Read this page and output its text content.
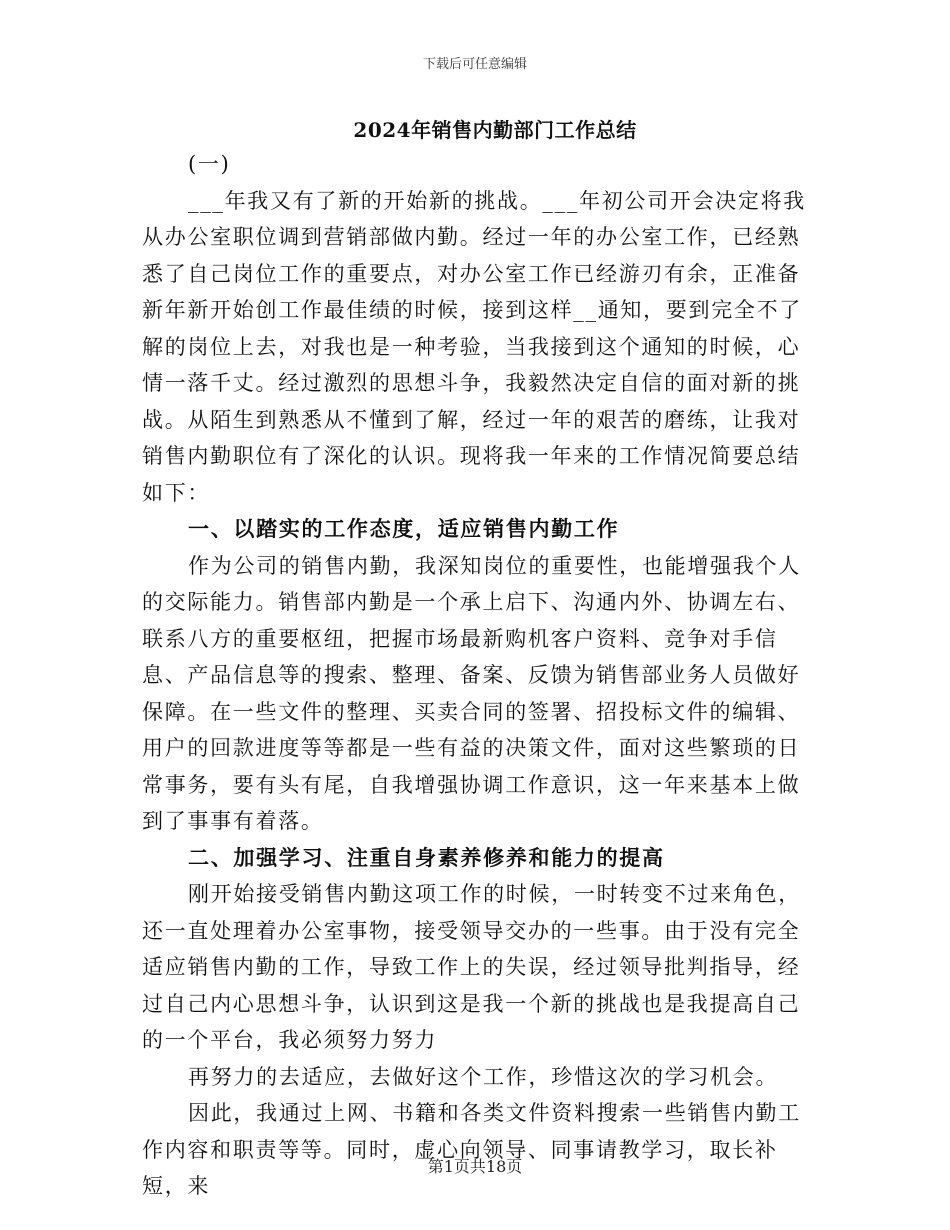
下载后可任意编辑
2024年销售内勤部门工作总结

(一)

___年我又有了新的开始新的挑战。___年初公司开会决定将我从办公室职位调到营销部做内勤。经过一年的办公室工作，已经熟悉了自己岗位工作的重要点，对办公室工作已经游刃有余，正准备新年新开始创工作最佳绩的时候，接到这样__通知，要到完全不了解的岗位上去，对我也是一种考验，当我接到这个通知的时候，心情一落千丈。经过激烈的思想斗争，我毅然决定自信的面对新的挑战。从陌生到熟悉从不懂到了解，经过一年的艰苦的磨练，让我对销售内勤职位有了深化的认识。现将我一年来的工作情况简要总结如下：

一、以踏实的工作态度，适应销售内勤工作

作为公司的销售内勤，我深知岗位的重要性，也能增强我个人的交际能力。销售部内勤是一个承上启下、沟通内外、协调左右、联系八方的重要枢纽，把握市场最新购机客户资料、竞争对手信息、产品信息等的搜索、整理、备案、反馈为销售部业务人员做好保障。在一些文件的整理、买卖合同的签署、招投标文件的编辑、用户的回款进度等等都是一些有益的决策文件，面对这些繁琐的日常事务，要有头有尾，自我增强协调工作意识，这一年来基本上做到了事事有着落。

二、加强学习、注重自身素养修养和能力的提高

刚开始接受销售内勤这项工作的时候，一时转变不过来角色，还一直处理着办公室事物，接受领导交办的一些事。由于没有完全适应销售内勤的工作，导致工作上的失误，经过领导批判指导，经过自己内心思想斗争，认识到这是我一个新的挑战也是我提高自己的一个平台，我必须努力努力

再努力的去适应，去做好这个工作，珍惜这次的学习机会。

因此，我通过上网、书籍和各类文件资料搜索一些销售内勤工作内容和职责等等。同时，虚心向领导、同事请教学习，取长补短，来

第1页共18页
